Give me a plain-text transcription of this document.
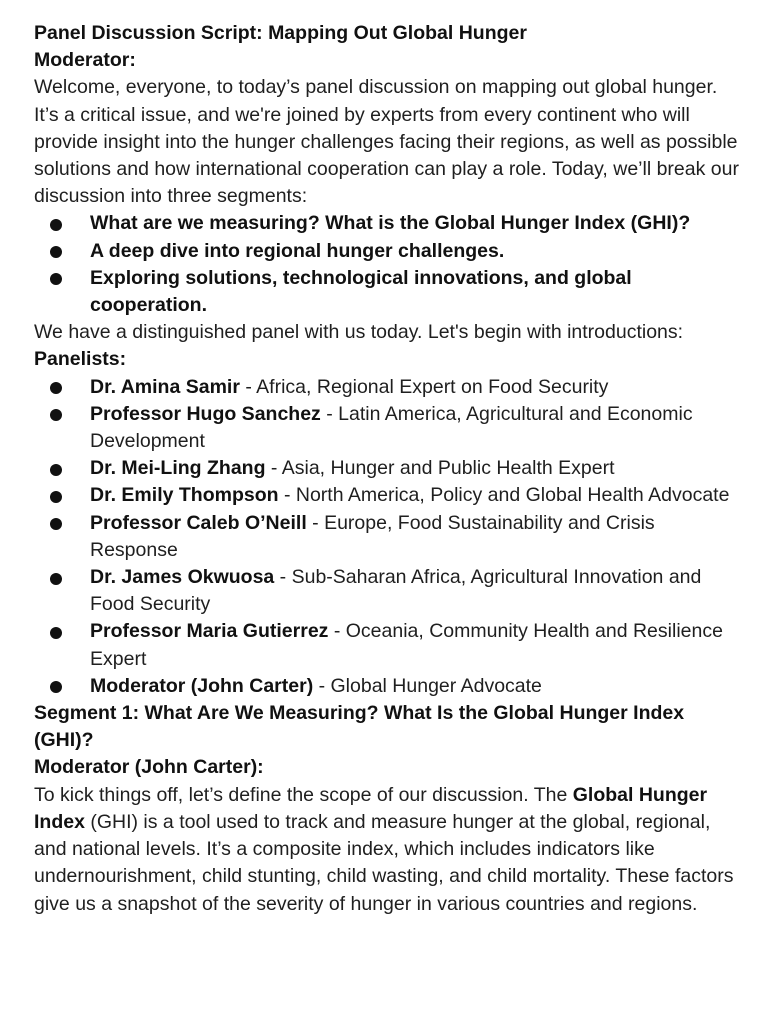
Panel Discussion Script: Mapping Out Global Hunger
Moderator:

Welcome, everyone, to today’s panel discussion on mapping out global hunger. It’s a critical issue, and we're joined by experts from every continent who will provide insight into the hunger challenges facing their regions, as well as possible solutions and how international cooperation can play a role. Today, we’ll break our discussion into three segments:

What are we measuring? What is the Global Hunger Index (GHI)?
A deep dive into regional hunger challenges.
Exploring solutions, technological innovations, and global cooperation.

We have a distinguished panel with us today. Let's begin with introductions:

Panelists:
Dr. Amina Samir - Africa, Regional Expert on Food Security
Professor Hugo Sanchez - Latin America, Agricultural and Economic Development
Dr. Mei-Ling Zhang - Asia, Hunger and Public Health Expert
Dr. Emily Thompson - North America, Policy and Global Health Advocate
Professor Caleb O’Neill - Europe, Food Sustainability and Crisis Response
Dr. James Okwuosa - Sub-Saharan Africa, Agricultural Innovation and Food Security
Professor Maria Gutierrez - Oceania, Community Health and Resilience Expert
Moderator (John Carter) - Global Hunger Advocate
Segment 1: What Are We Measuring? What Is the Global Hunger Index (GHI)?
Moderator (John Carter):

To kick things off, let’s define the scope of our discussion. The Global Hunger Index (GHI) is a tool used to track and measure hunger at the global, regional, and national levels. It’s a composite index, which includes indicators like undernourishment, child stunting, child wasting, and child mortality. These factors give us a snapshot of the severity of hunger in various countries and regions.
